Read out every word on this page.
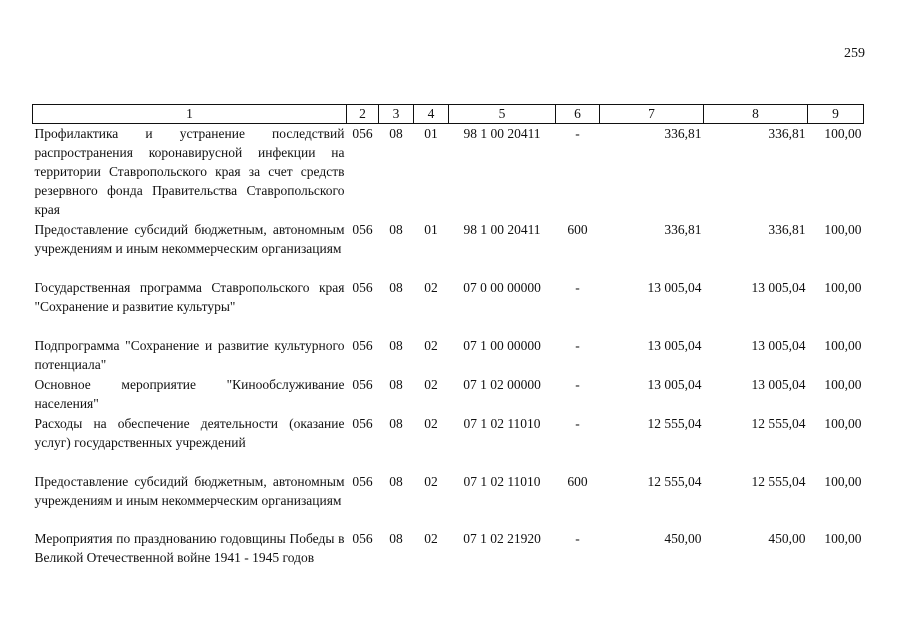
259
1	2	3	4	5	6	7	8	9
Профилактика и устранение последствий распространения коронавирусной инфекции на территории Ставропольского края за счет средств резервного фонда Правительства Ставропольского края	056	08	01	98 1 00 20411	-	336,81	336,81	100,00
Предоставление субсидий бюджетным, автономным учреждениям и иным некоммерческим организациям	056	08	01	98 1 00 20411	600	336,81	336,81	100,00
Государственная программа Ставропольского края "Сохранение и развитие культуры"	056	08	02	07 0 00 00000	-	13 005,04	13 005,04	100,00
Подпрограмма "Сохранение и развитие культурного потенциала"	056	08	02	07 1 00 00000	-	13 005,04	13 005,04	100,00
Основное мероприятие "Кинообслуживание населения"	056	08	02	07 1 02 00000	-	13 005,04	13 005,04	100,00
Расходы на обеспечение деятельности (оказание услуг) государственных учреждений	056	08	02	07 1 02 11010	-	12 555,04	12 555,04	100,00
Предоставление субсидий бюджетным, автономным учреждениям и иным некоммерческим организациям	056	08	02	07 1 02 11010	600	12 555,04	12 555,04	100,00
Мероприятия по празднованию годовщины Победы в Великой Отечественной войне 1941 - 1945 годов	056	08	02	07 1 02 21920	-	450,00	450,00	100,00
